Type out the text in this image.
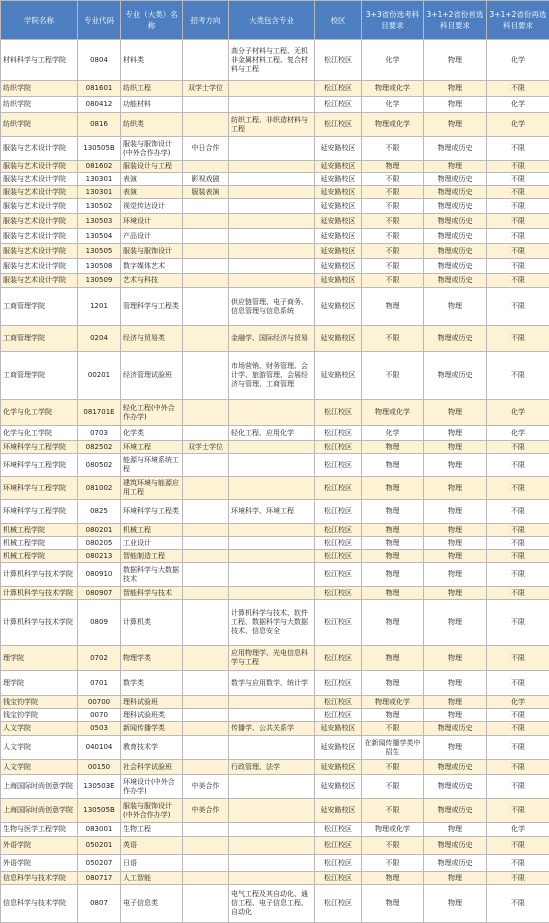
学院名称	专业代码	专业（大类）名称	招考方向	大类包含专业	校区	3+3省份选考科目要求	3+1+2省份首选科目要求	3+1+2省份再选科目要求
材料科学与工程学院	0804	材料类		高分子材料与工程、无机非金属材料工程、复合材料与工程	松江校区	化学	物理	化学
纺织学院	081601	纺织工程	双学士学位		松江校区	物理或化学	物理	不限
纺织学院	080412	功能材料			松江校区	化学	物理	化学
纺织学院	0816	纺织类		纺织工程、非织造材料与工程	松江校区	物理或化学	物理	化学
服装与艺术设计学院	130505B	服装与服饰设计(中外合作办学)	中日合作		延安路校区	不限	物理或历史	不限
服装与艺术设计学院	081602	服装设计与工程			延安路校区	物理	物理	不限
服装与艺术设计学院	130301	表演	影视戏剧		延安路校区	不限	物理或历史	不限
服装与艺术设计学院	130301	表演	服装表演		延安路校区	不限	物理或历史	不限
服装与艺术设计学院	130502	视觉传达设计			延安路校区	不限	物理或历史	不限
服装与艺术设计学院	130503	环境设计			延安路校区	不限	物理或历史	不限
服装与艺术设计学院	130504	产品设计			延安路校区	不限	物理或历史	不限
服装与艺术设计学院	130505	服装与服饰设计			延安路校区	不限	物理或历史	不限
服装与艺术设计学院	130508	数字媒体艺术			延安路校区	不限	物理或历史	不限
服装与艺术设计学院	130509	艺术与科技			延安路校区	不限	物理或历史	不限
工商管理学院	1201	管理科学与工程类		供应链管理、电子商务、信息管理与信息系统	延安路校区	物理	物理	不限
工商管理学院	0204	经济与贸易类		金融学、国际经济与贸易	延安路校区	不限	物理或历史	不限
工商管理学院	00201	经济管理试验班		市场营销、财务管理、会计学、旅游管理、会展经济与管理、工商管理	延安路校区	不限	物理或历史	不限
化学与化工学院	081701E	轻化工程(中外合作办学)			松江校区	物理或化学	物理	化学
化学与化工学院	0703	化学类		轻化工程、应用化学	松江校区	化学	物理	化学
环境科学与工程学院	082502	环境工程	双学士学位		松江校区	物理	物理	不限
环境科学与工程学院	080502	能源与环境系统工程			松江校区	物理	物理	不限
环境科学与工程学院	081002	建筑环境与能源应用工程			松江校区	物理	物理	不限
环境科学与工程学院	0825	环境科学与工程类		环境科学、环境工程	松江校区	物理	物理	不限
机械工程学院	080201	机械工程			松江校区	物理	物理	不限
机械工程学院	080205	工业设计			松江校区	物理	物理	不限
机械工程学院	080213	智能制造工程			松江校区	物理	物理	不限
计算机科学与技术学院	080910	数据科学与大数据技术			松江校区	物理	物理	不限
计算机科学与技术学院	080907	智能科学与技术			松江校区	物理	物理	不限
计算机科学与技术学院	0809	计算机类		计算机科学与技术、软件工程、数据科学与大数据技术、信息安全	松江校区	物理	物理	不限
理学院	0702	物理学类		应用物理学、光电信息科学与工程	松江校区	物理	物理	不限
理学院	0701	数学类		数学与应用数学、统计学	松江校区	物理	物理	不限
钱宝钧学院	00700	理科试验班			松江校区	物理或化学	物理	化学
钱宝钧学院	0070	理科试验班类			松江校区	物理	物理	不限
人文学院	0503	新闻传播学类		传播学、公共关系学	延安路校区	不限	物理或历史	不限
人文学院	040104	教育技术学			延安路校区	在新闻传播学类中招生	物理	不限
人文学院	00150	社会科学试验班		行政管理、法学	延安路校区	不限	物理或历史	不限
上海国际时尚创意学院	130503E	环境设计(中外合作办学)	中美合作		延安路校区	不限	物理或历史	不限
上海国际时尚创意学院	130505B	服装与服饰设计(中外合作办学)	中美合作		延安路校区	不限	物理或历史	不限
生物与医学工程学院	083001	生物工程			松江校区	物理或化学	物理	化学
外语学院	050201	英语			松江校区	不限	物理或历史	不限
外语学院	050207	日语			松江校区	不限	物理或历史	不限
信息科学与技术学院	080717	人工智能			松江校区	物理	物理	不限
信息科学与技术学院	0807	电子信息类		电气工程及其自动化、通信工程、电子信息工程、自动化	松江校区	物理	物理	不限
